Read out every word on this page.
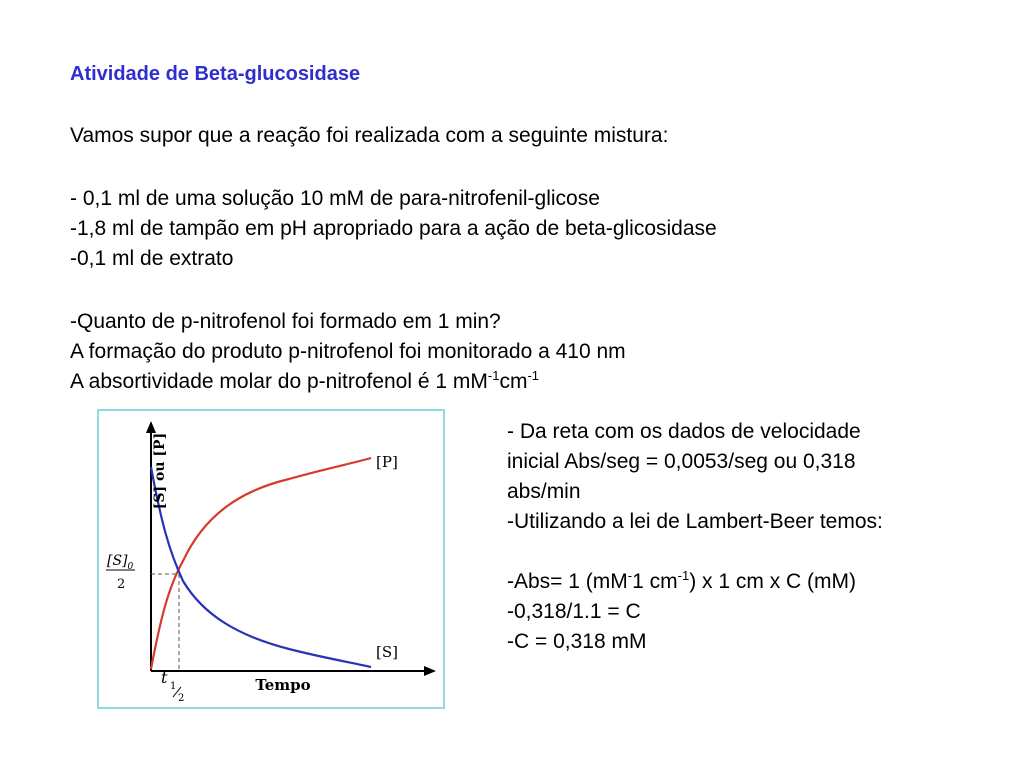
Atividade de Beta-glucosidase
Vamos supor que a reação foi realizada com a seguinte mistura:
- 0,1 ml de uma solução 10 mM de para-nitrofenil-glicose
-1,8 ml de tampão em pH apropriado para a ação de beta-glicosidase
-0,1 ml de extrato
-Quanto de p-nitrofenol foi formado em 1 min?
A formação do produto p-nitrofenol foi monitorado a 410 nm
A absortividade molar do p-nitrofenol é 1 $mM^{-1}cm^{-1}$
[S] ou [P]
Tempo
[P]
[S]
$[S]_0$
2
t 1
2
- Da reta com os dados de velocidade
inicial Abs/seg = 0,0053/seg ou 0,318
abs/min
-Utilizando a lei de Lambert-Beer temos:
-Abs= 1 (mM-1 $cm^{-1}$) x 1 cm x C (mM)
-0,318/1.1 = C
-C = 0,318 mM
